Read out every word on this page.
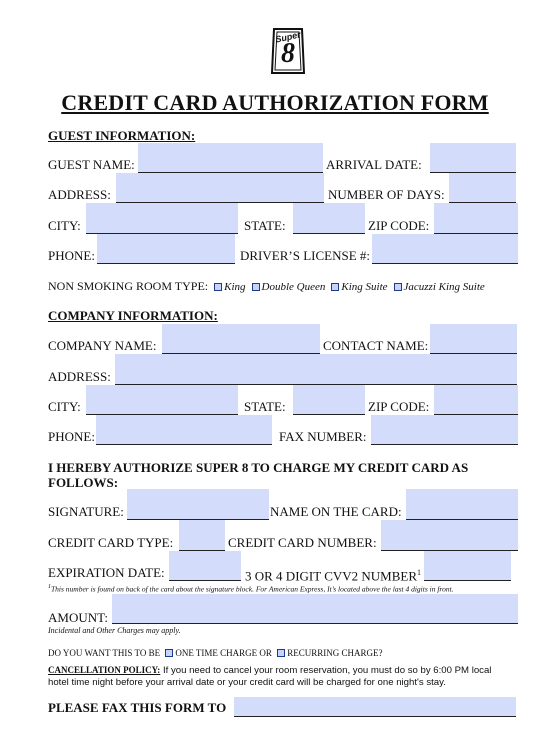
Super
8
CREDIT CARD AUTHORIZATION FORM
GUEST INFORMATION:
GUEST NAME:	ARRIVAL DATE:
ADDRESS:	NUMBER OF DAYS:
CITY:	STATE:	ZIP CODE:
PHONE:	DRIVER’S LICENSE #:
NON SMOKING ROOM TYPE: King Double Queen King Suite Jacuzzi King Suite
COMPANY INFORMATION:
COMPANY NAME:	CONTACT NAME:
ADDRESS:
CITY:	STATE:	ZIP CODE:
PHONE:	FAX NUMBER:
I HEREBY AUTHORIZE SUPER 8 TO CHARGE MY CREDIT CARD AS FOLLOWS:
SIGNATURE:	NAME ON THE CARD:
CREDIT CARD TYPE:	CREDIT CARD NUMBER:
EXPIRATION DATE:	3 OR 4 DIGIT CVV2 NUMBER$^1$
$^1$This number is found on back of the card about the signature block. For American Express, It’s located above the last 4 digits in front.
AMOUNT:
Incidental and Other Charges may apply.
DO YOU WANT THIS TO BE ONE TIME CHARGE OR RECURRING CHARGE?
CANCELLATION POLICY: If you need to cancel your room reservation, you must do so by 6:00 PM local
hotel time night before your arrival date or your credit card will be charged for one night's stay.
PLEASE FAX THIS FORM TO
